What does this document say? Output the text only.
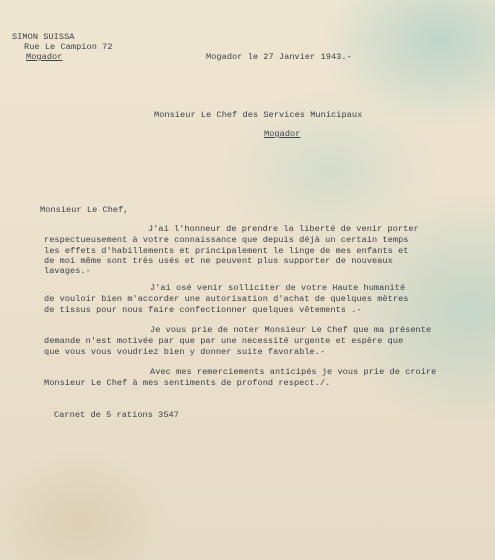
SIMON SUISSA
Rue Le Campion 72
Mogador	Mogador le 27 Janvier 1943.-
Monsieur Le Chef des Services Municipaux
Mogador
Monsieur Le Chef,
J'ai l'honneur de prendre la liberté de venir porter
respectueusement à votre connaissance que depuis déjà un certain temps
les effets d'habillements et principalement le linge de mes enfants et
de moi même sont très usés et ne peuvent plus supporter de nouveaux
lavages.-
J'ai osé venir solliciter de votre Haute humanité
de vouloir bien m'accorder une autorisation d'achat de quelques mètres
de tissus pour nous faire confectionner quelques vêtements .-
Je vous prie de noter Monsieur Le Chef que ma présente
demande n'est motivée par que par une necessité urgente et espère que
que vous vous voudriez bien y donner suite favorable.-
Avec mes remerciements anticipés je vous prie de croire
Monsieur Le Chef à mes sentiments de profond respect./.
Carnet de 5 rations 3547
